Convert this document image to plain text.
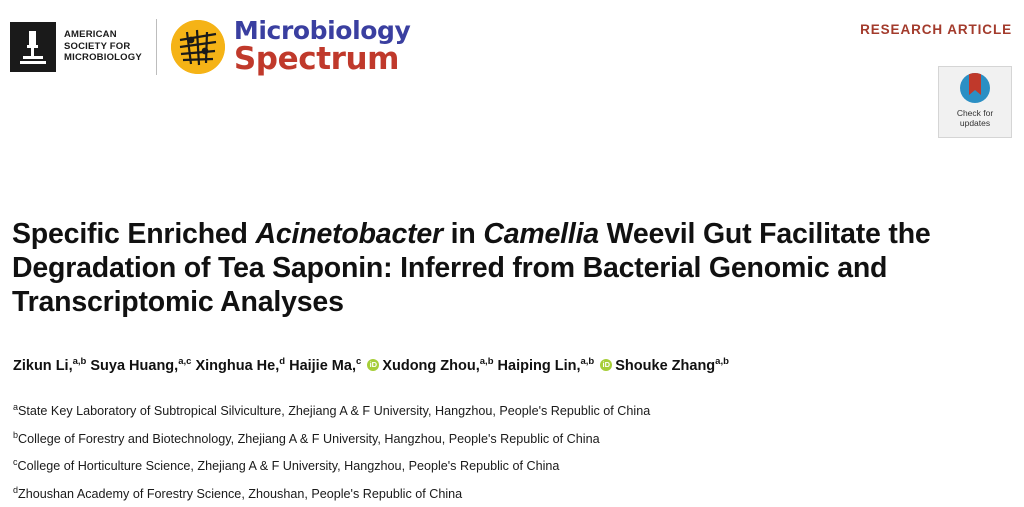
AMERICAN
SOCIETY FOR
MICROBIOLOGY
Microbiology
Spectrum
RESEARCH ARTICLE
Check for
updates
Specific Enriched Acinetobacter in Camellia Weevil Gut Facilitate the Degradation of Tea Saponin: Inferred from Bacterial Genomic and Transcriptomic Analyses
Zikun Li,$^{a,b}$ Suya Huang,$^{a,c}$ Xinghua He,$^d$ Haijie Ma,$^c$ iD Xudong Zhou,$^{a,b}$ Haiping Lin,$^{a,b}$ iD Shouke Zhang$^{a,b}$
$^a$State Key Laboratory of Subtropical Silviculture, Zhejiang A & F University, Hangzhou, People's Republic of China
$^b$College of Forestry and Biotechnology, Zhejiang A & F University, Hangzhou, People's Republic of China
$^c$College of Horticulture Science, Zhejiang A & F University, Hangzhou, People's Republic of China
$^d$Zhoushan Academy of Forestry Science, Zhoushan, People's Republic of China
